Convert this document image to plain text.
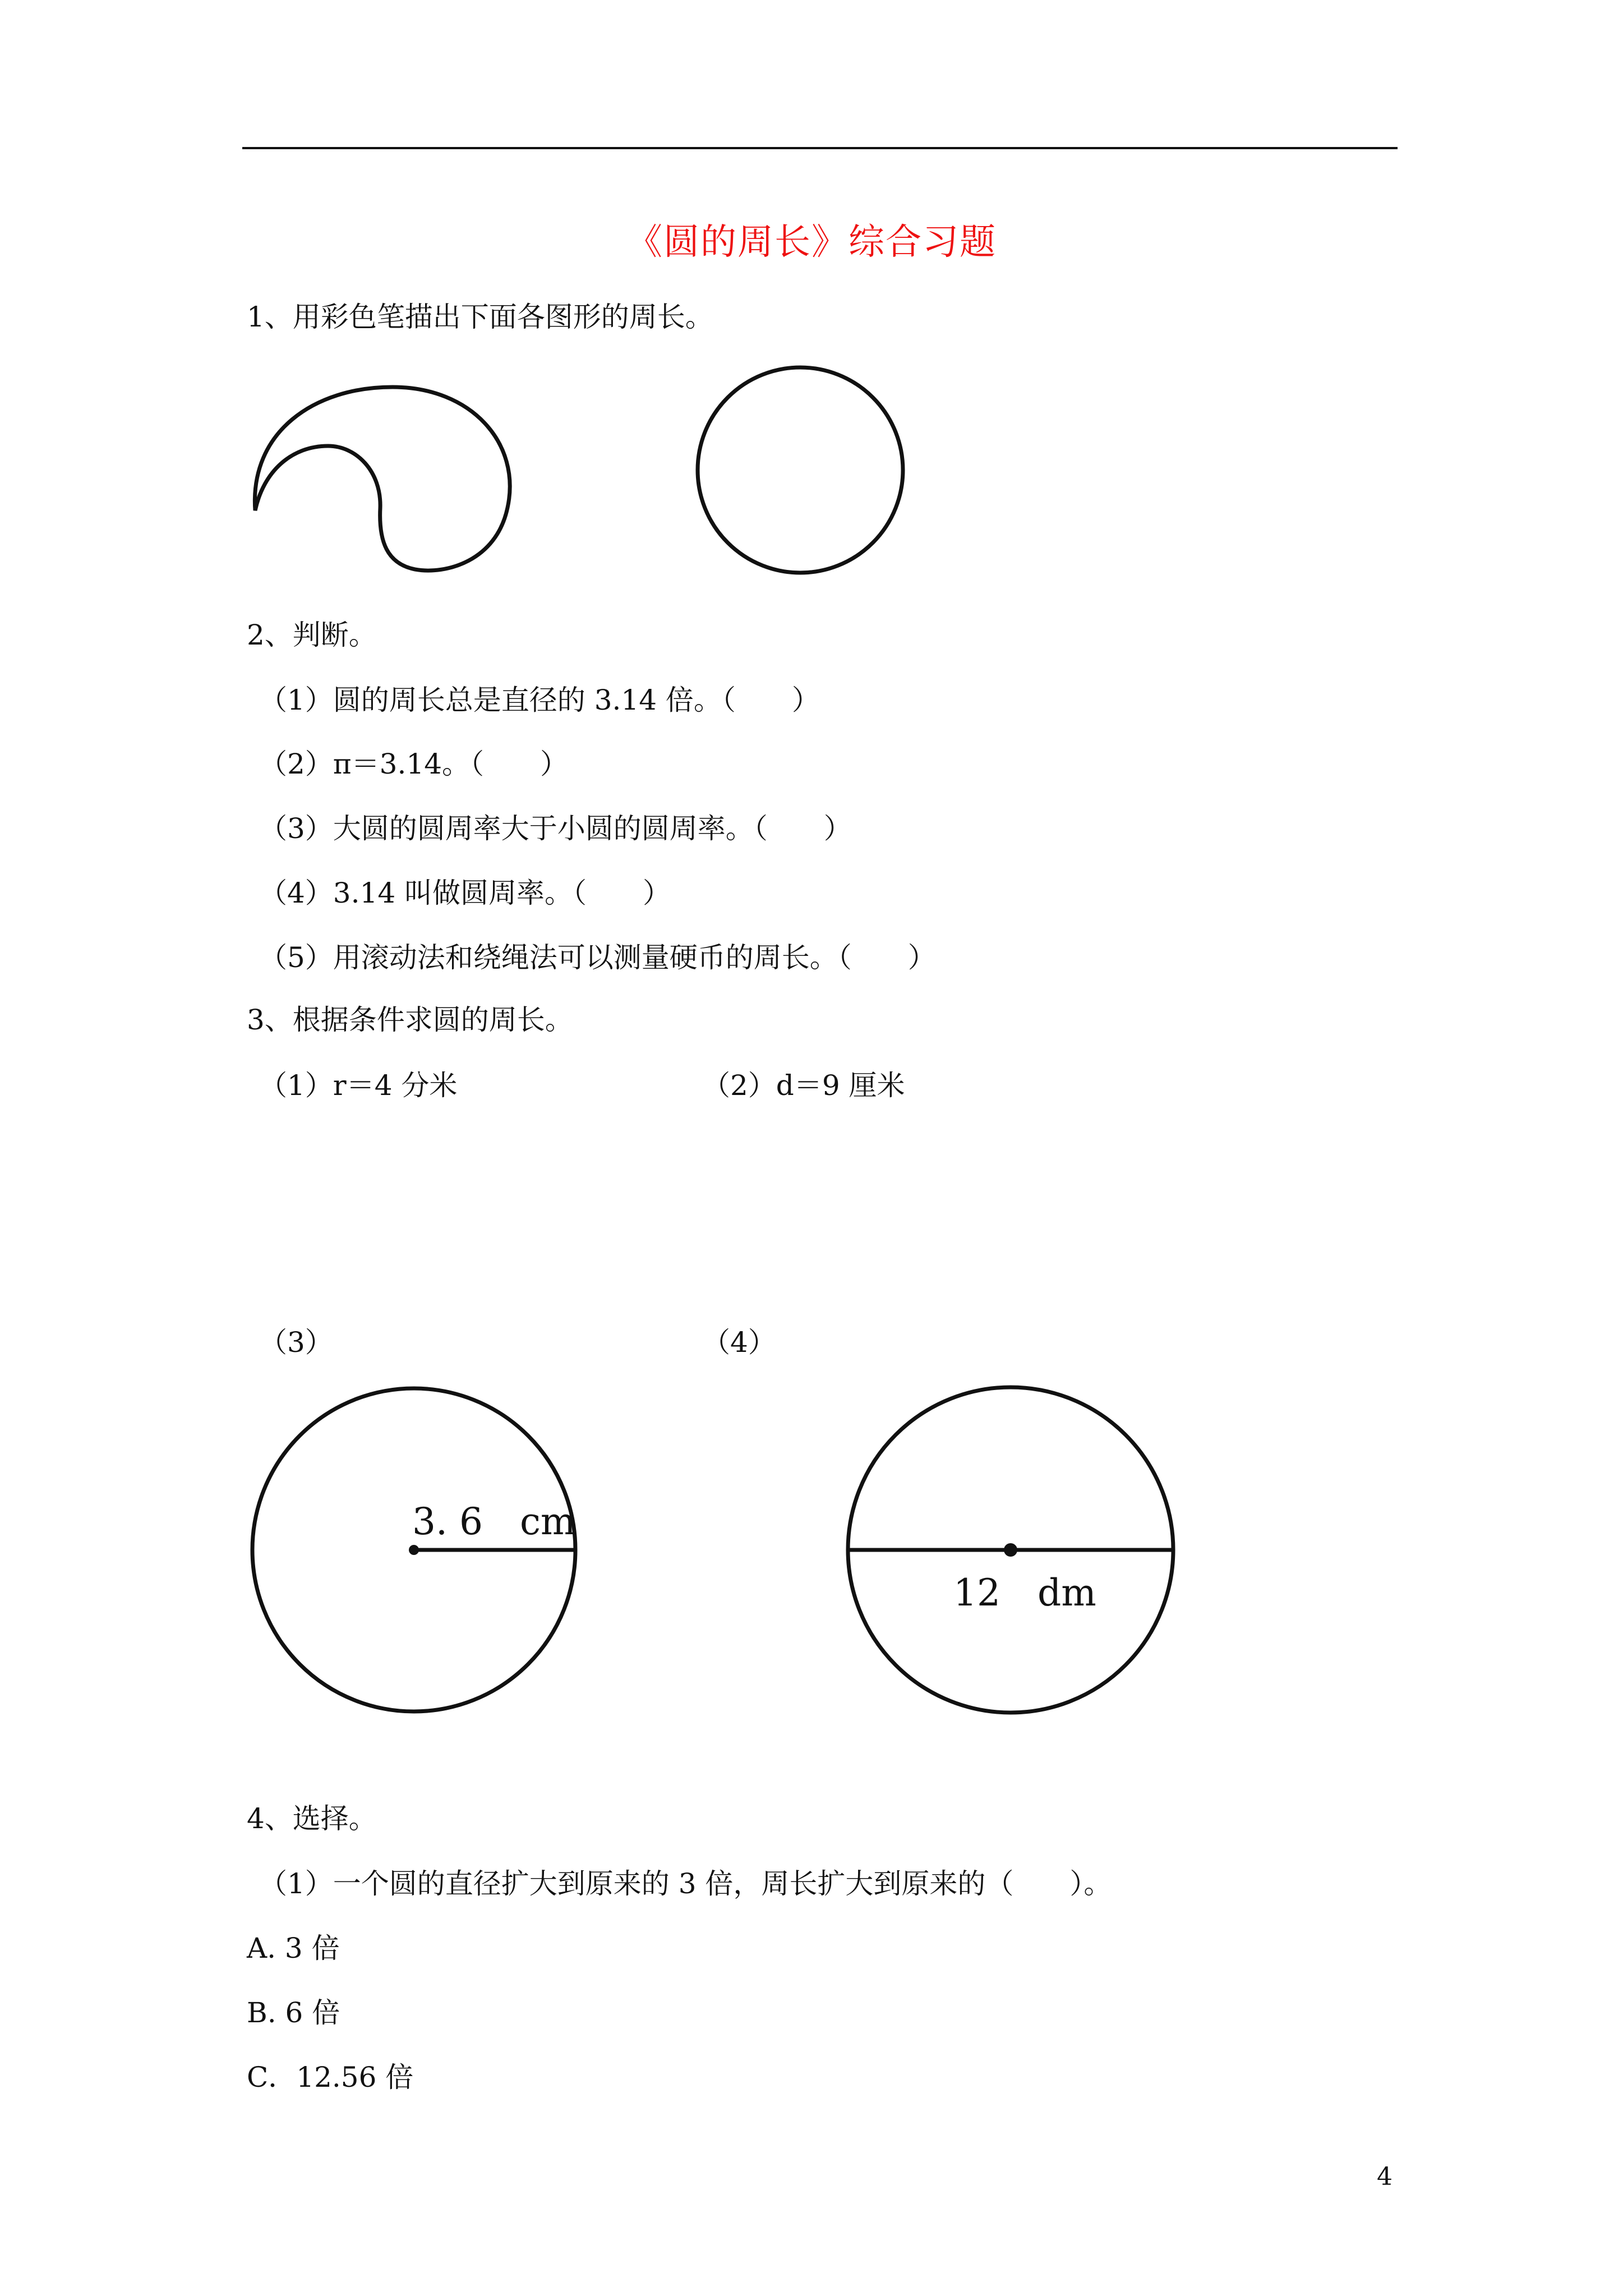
《圆的周长》综合习题
1、用彩色笔描出下面各图形的周长。
2、判断。
（1）圆的周长总是直径的 3.14 倍。（　　）
（2）π＝3.14。（　　）
（3）大圆的圆周率大于小圆的圆周率。（　　）
（4）3.14 叫做圆周率。（　　）
（5）用滚动法和绕绳法可以测量硬币的周长。（　　）
3、根据条件求圆的周长。
（1）r＝4 分米	（2）d＝9 厘米
（3）	（4）
3. 6　cm
12　dm
4、选择。
（1）一个圆的直径扩大到原来的 3 倍，周长扩大到原来的（　　）。
A. 3 倍
B. 6 倍
C．12.56 倍
4
